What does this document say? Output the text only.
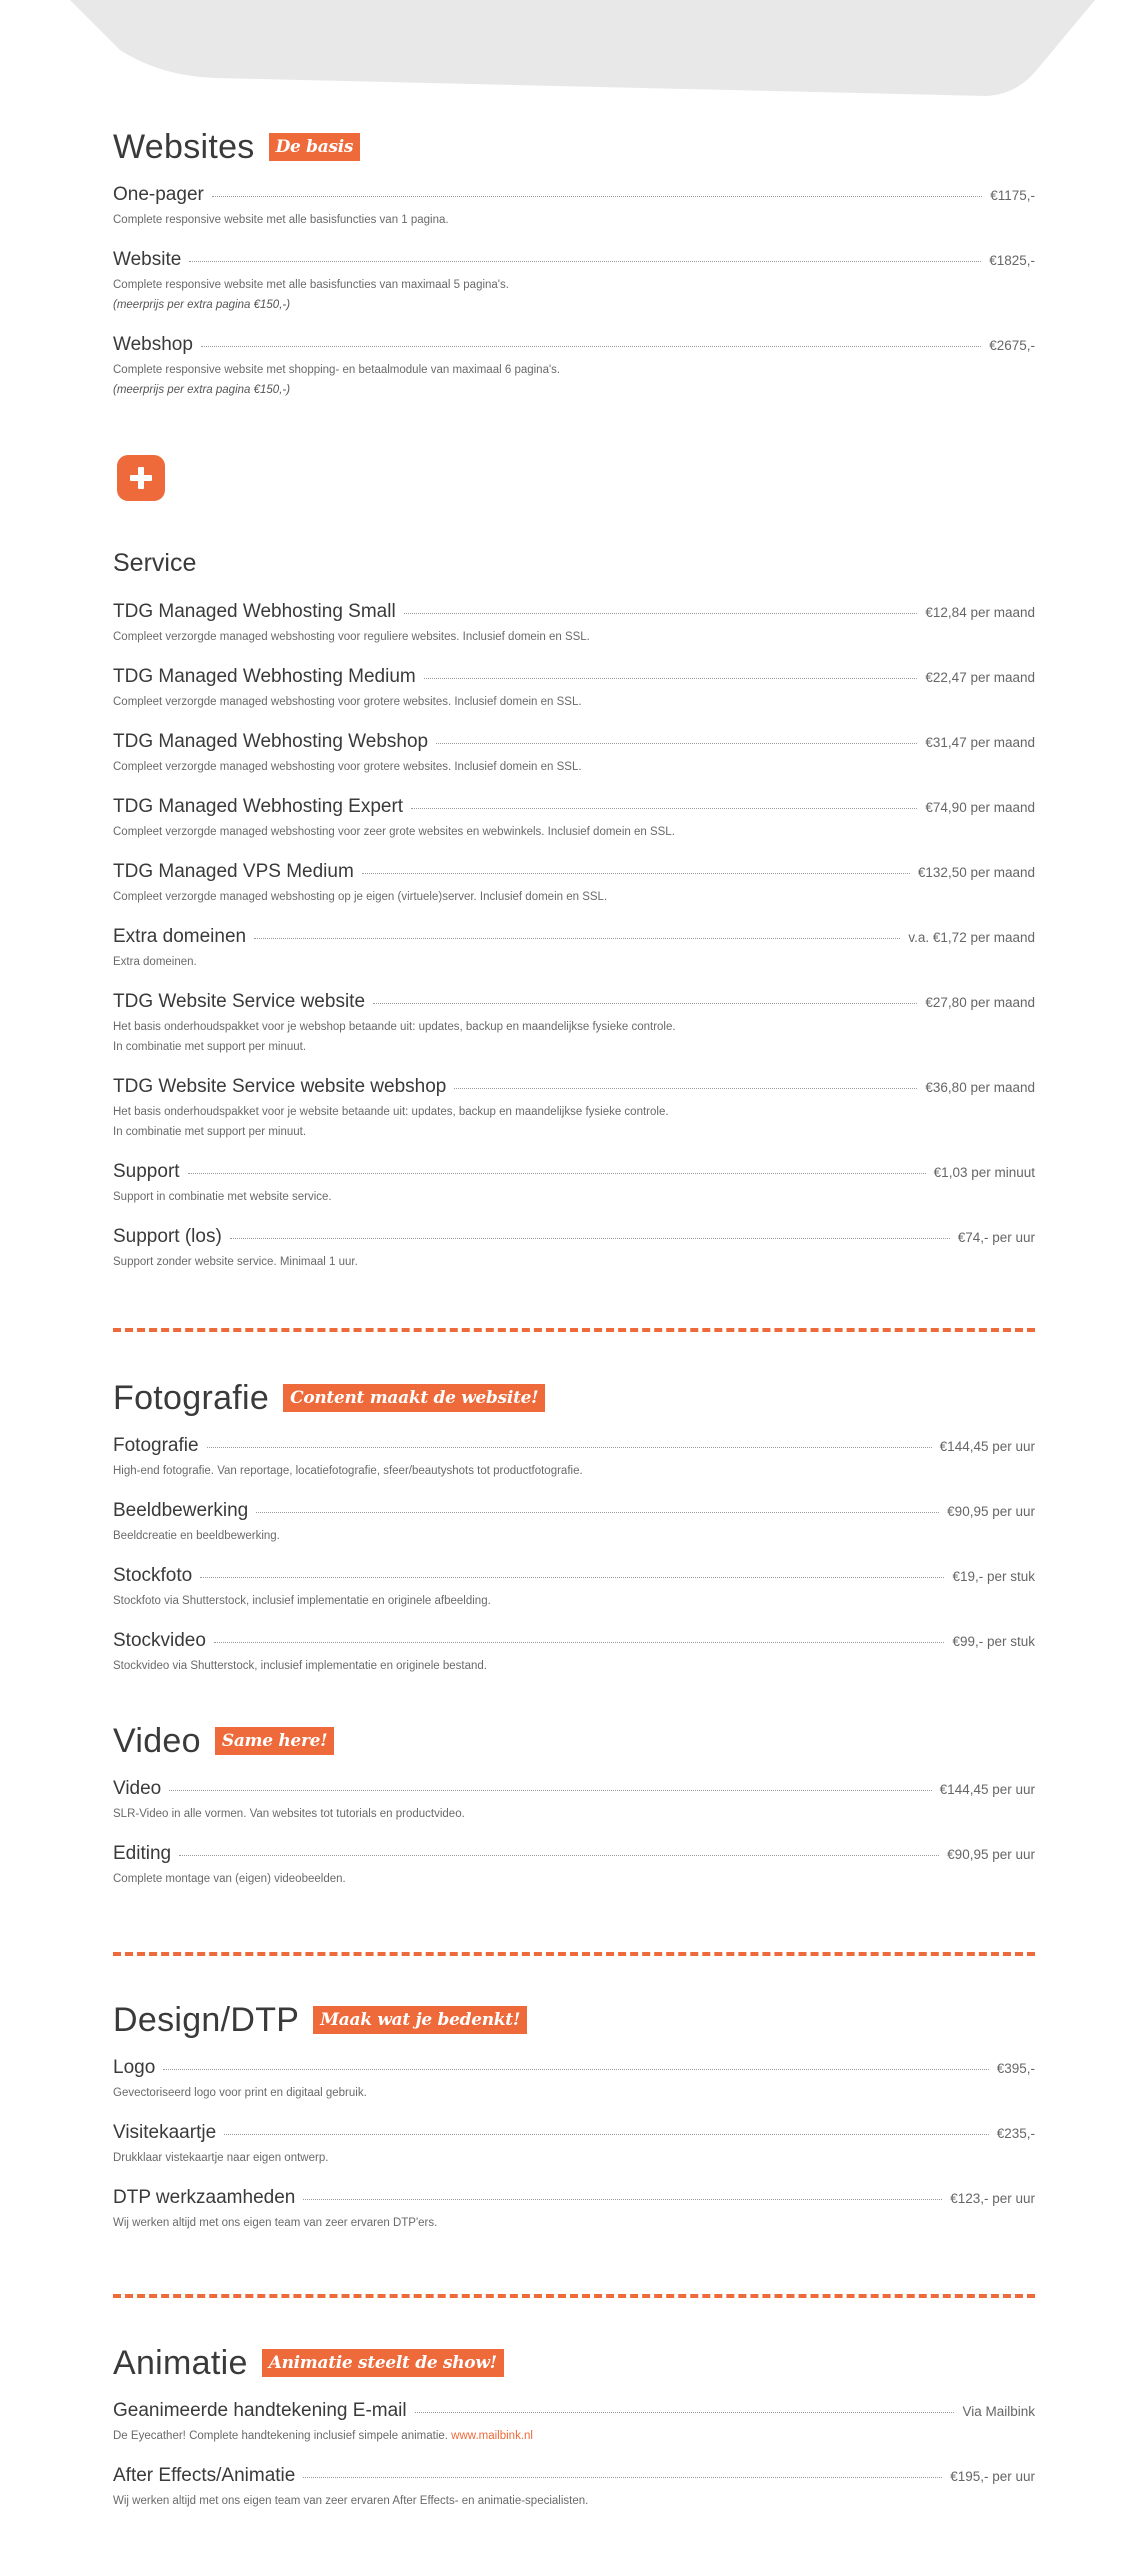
Websites	De basis
One-pager	€1175,-
Complete responsive website met alle basisfuncties van 1 pagina.
Website	€1825,-
Complete responsive website met alle basisfuncties van maximaal 5 pagina's.
(meerprijs per extra pagina €150,-)
Webshop	€2675,-
Complete responsive website met shopping- en betaalmodule van maximaal 6 pagina's.
(meerprijs per extra pagina €150,-)
Service
TDG Managed Webhosting Small	€12,84 per maand
Compleet verzorgde managed webshosting voor reguliere websites. Inclusief domein en SSL.
TDG Managed Webhosting Medium	€22,47 per maand
Compleet verzorgde managed webshosting voor grotere websites. Inclusief domein en SSL.
TDG Managed Webhosting Webshop	€31,47 per maand
Compleet verzorgde managed webshosting voor grotere websites. Inclusief domein en SSL.
TDG Managed Webhosting Expert	€74,90 per maand
Compleet verzorgde managed webshosting voor zeer grote websites en webwinkels. Inclusief domein en SSL.
TDG Managed VPS Medium	€132,50 per maand
Compleet verzorgde managed webshosting op je eigen (virtuele)server. Inclusief domein en SSL.
Extra domeinen	v.a. €1,72 per maand
Extra domeinen.
TDG Website Service website	€27,80 per maand
Het basis onderhoudspakket voor je webshop betaande uit: updates, backup en maandelijkse fysieke controle.
In combinatie met support per minuut.
TDG Website Service website webshop	€36,80 per maand
Het basis onderhoudspakket voor je website betaande uit: updates, backup en maandelijkse fysieke controle.
In combinatie met support per minuut.
Support	€1,03 per minuut
Support in combinatie met website service.
Support (los)	€74,- per uur
Support zonder website service. Minimaal 1 uur.
Fotografie	Content maakt de website!
Fotografie	€144,45 per uur
High-end fotografie. Van reportage, locatiefotografie, sfeer/beautyshots tot productfotografie.
Beeldbewerking	€90,95 per uur
Beeldcreatie en beeldbewerking.
Stockfoto	€19,- per stuk
Stockfoto via Shutterstock, inclusief implementatie en originele afbeelding.
Stockvideo	€99,- per stuk
Stockvideo via Shutterstock, inclusief implementatie en originele bestand.
Video	Same here!
Video	€144,45 per uur
SLR-Video in alle vormen. Van websites tot tutorials en productvideo.
Editing	€90,95 per uur
Complete montage van (eigen) videobeelden.
Design/DTP	Maak wat je bedenkt!
Logo	€395,-
Gevectoriseerd logo voor print en digitaal gebruik.
Visitekaartje	€235,-
Drukklaar vistekaartje naar eigen ontwerp.
DTP werkzaamheden	€123,- per uur
Wij werken altijd met ons eigen team van zeer ervaren DTP'ers.
Animatie	Animatie steelt de show!
Geanimeerde handtekening E-mail	Via Mailbink
De Eyecather! Complete handtekening inclusief simpele animatie. www.mailbink.nl
After Effects/Animatie	€195,- per uur
Wij werken altijd met ons eigen team van zeer ervaren After Effects- en animatie-specialisten.
